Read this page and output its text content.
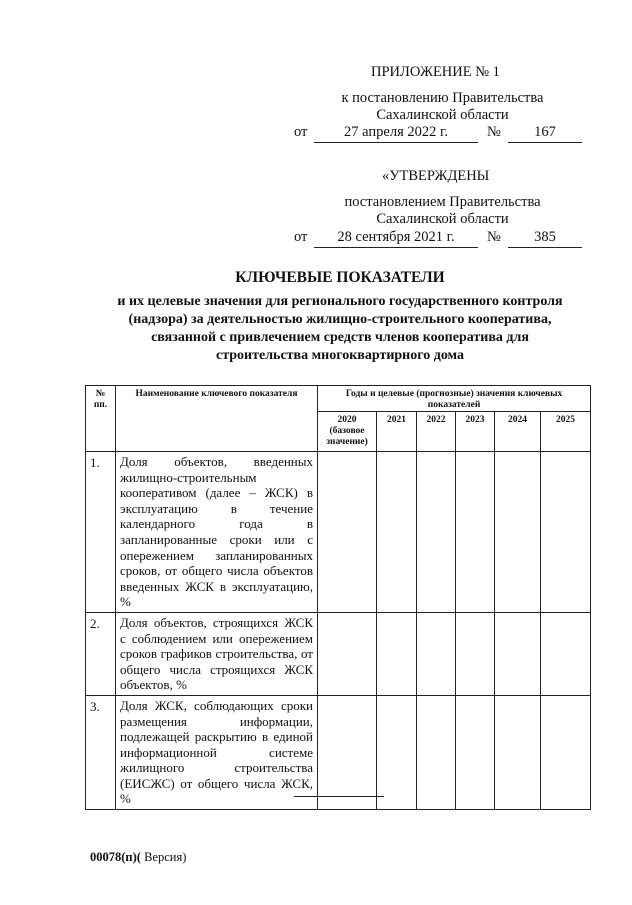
ПРИЛОЖЕНИЕ № 1
к постановлению Правительства
Сахалинской области
от	27 апреля 2022 г.	№	167
«УТВЕРЖДЕНЫ
постановлением Правительства
Сахалинской области
от	28 сентября 2021 г.	№	385
КЛЮЧЕВЫЕ ПОКАЗАТЕЛИ
и их целевые значения для регионального государственного контроля
(надзора) за деятельностью жилищно-строительного кооператива,
связанной с привлечением средств членов кооператива для
строительства многоквартирного дома
№ пп.	Наименование ключевого показателя	Годы и целевые (прогнозные) значения ключевых показателей					
		2020 (базовое значение)	2021	2022	2023	2024	2025
1.	Доля объектов, введенных жилищно-строительным кооперативом (далее – ЖСК) в эксплуатацию в течение календарного года в запланированные сроки или с опережением запланированных сроков, от общего числа объектов введенных ЖСК в эксплуатацию, %						
2.	Доля объектов, строящихся ЖСК с соблюдением или опережением сроков графиков строительства, от общего числа строящихся ЖСК объектов, %						
3.	Доля ЖСК, соблюдающих сроки размещения информации, подлежащей раскрытию в единой информационной системе жилищного строительства (ЕИСЖС) от общего числа ЖСК, %						
00078(п)( Версия)
